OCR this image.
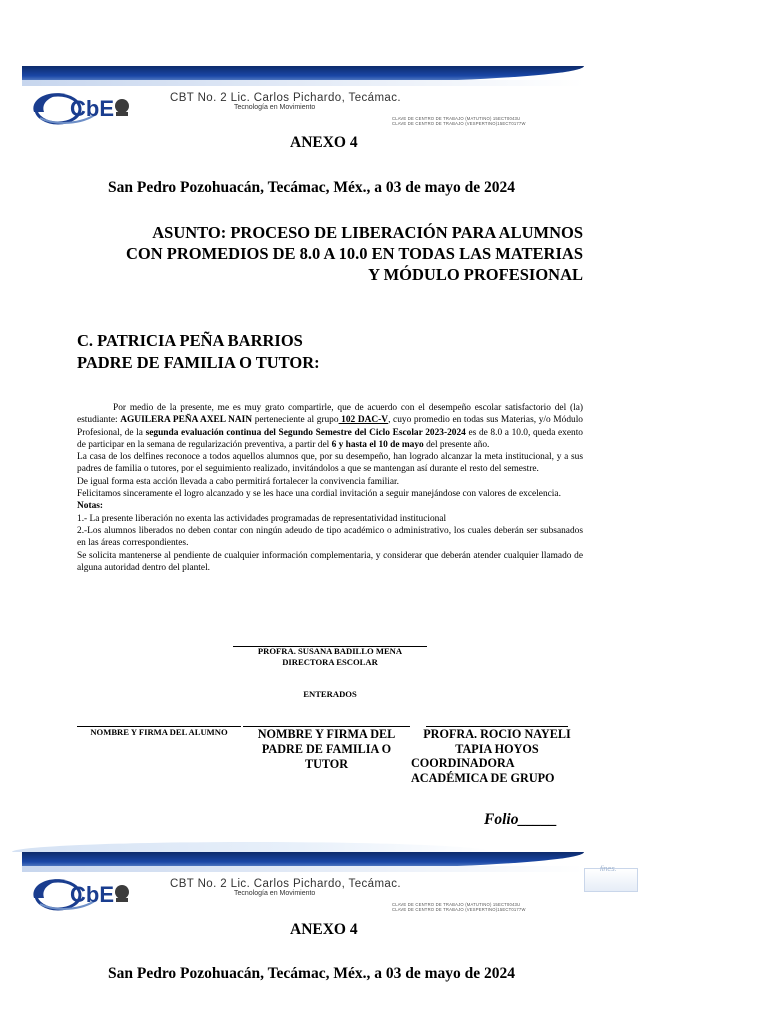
CbE	CBT No. 2 Lic. Carlos Pichardo, Tecámac.
Tecnología en Movimiento
CLAVE DE CENTRO DE TRABAJO (MATUTINO) 15ECT0043U
CLAVE DE CENTRO DE TRABAJO (VESPERTINO)15ECT0177W
ANEXO 4
San Pedro Pozohuacán, Tecámac, Méx., a 03 de mayo de 2024
ASUNTO: PROCESO DE LIBERACIÓN PARA ALUMNOS
CON PROMEDIOS DE 8.0 A 10.0 EN TODAS LAS MATERIAS
Y MÓDULO PROFESIONAL
C. PATRICIA PEÑA BARRIOS
PADRE DE FAMILIA O TUTOR:

Por medio de la presente, me es muy grato compartirle, que de acuerdo con el desempeño escolar satisfactorio del (la) estudiante: AGUILERA PEÑA AXEL NAIN perteneciente al grupo 102 DAC-V, cuyo promedio en todas sus Materias, y/o Módulo Profesional, de la segunda evaluación continua del Segundo Semestre del Ciclo Escolar 2023-2024 es de 8.0 a 10.0, queda exento de participar en la semana de regularización preventiva, a partir del 6 y hasta el 10 de mayo del presente año.

La casa de los delfines reconoce a todos aquellos alumnos que, por su desempeño, han logrado alcanzar la meta institucional, y a sus padres de familia o tutores, por el seguimiento realizado, invitándolos a que se mantengan así durante el resto del semestre.

De igual forma esta acción llevada a cabo permitirá fortalecer la convivencia familiar.

Felicitamos sinceramente el logro alcanzado y se les hace una cordial invitación a seguir manejándose con valores de excelencia.

Notas:

1.- La presente liberación no exenta las actividades programadas de representatividad institucional

2.-Los alumnos liberados no deben contar con ningún adeudo de tipo académico o administrativo, los cuales deberán ser subsanados en las áreas correspondientes.

Se solicita mantenerse al pendiente de cualquier información complementaria, y considerar que deberán atender cualquier llamado de alguna autoridad dentro del plantel.

PROFRA. SUSANA BADILLO MENA
DIRECTORA ESCOLAR
ENTERADOS
NOMBRE Y FIRMA DEL ALUMNO	NOMBRE Y FIRMA DEL
PADRE DE FAMILIA O
TUTOR
PROFRA. ROCIO NAYELI
TAPIA HOYOS
COORDINADORA
ACADÉMICA DE GRUPO
Folio_____
fines.
CbE	CBT No. 2 Lic. Carlos Pichardo, Tecámac.
Tecnología en Movimiento
CLAVE DE CENTRO DE TRABAJO (MATUTINO) 15ECT0043U
CLAVE DE CENTRO DE TRABAJO (VESPERTINO)15ECT0177W
ANEXO 4
San Pedro Pozohuacán, Tecámac, Méx., a 03 de mayo de 2024
